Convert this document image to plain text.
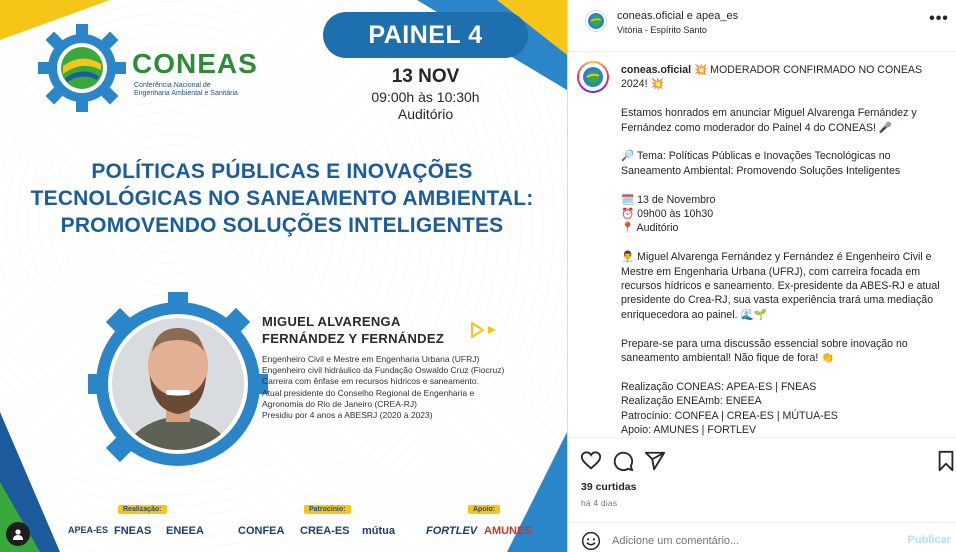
CONEAS
Conferência Nacional de Engenharia Ambiental e Sanitária
PAINEL 4
13 NOV
09:00h às 10:30h
Auditório
POLÍTICAS PÚBLICAS E INOVAÇÕES
TECNOLÓGICAS NO SANEAMENTO AMBIENTAL:
PROMOVENDO SOLUÇÕES INTELIGENTES
MIGUEL ALVARENGA
FERNÁNDEZ Y FERNÁNDEZ
Engenheiro Civil e Mestre em Engenharia Urbana (UFRJ)
Engenheiro civil hidráulico da Fundação Oswaldo Cruz (Fiocruz)
Carreira com ênfase em recursos hídricos e saneamento.
Atual presidente do Conselho Regional de Engenharia e
Agronomia do Rio de Janeiro (CREA-RJ)
Presidiu por 4 anos a ABESRJ (2020 à 2023)
Realização:	Patrocínio:	Apoio:
APEA-ES FNEAS ENEEA	CONFEA CREA-ES mútua	FORTLEV AMUNES
coneas.oficial e apea_es
Vitória - Espírito Santo
•••

coneas.oficial 💥 MODERADOR CONFIRMADO NO CONEAS 2024! 💥

Estamos honrados em anunciar Miguel Alvarenga Fernández y Fernández como moderador do Painel 4 do CONEAS! 🎤

🔎 Tema: Políticas Públicas e Inovações Tecnológicas no Saneamento Ambiental: Promovendo Soluções Inteligentes

🗓️ 13 de Novembro

⏰ 09h00 às 10h30

📍 Auditório

👨‍💼 Miguel Alvarenga Fernández y Fernández é Engenheiro Civil e Mestre em Engenharia Urbana (UFRJ), com carreira focada em recursos hídricos e saneamento. Ex-presidente da ABES-RJ e atual presidente do Crea-RJ, sua vasta experiência trará uma mediação enriquecedora ao painel. 🌊🌱

Prepare-se para uma discussão essencial sobre inovação no saneamento ambiental! Não fique de fora! 👏

Realização CONEAS: APEA-ES | FNEAS

Realização ENEAmb: ENEEA

Patrocínio: CONFEA | CREA-ES | MÚTUA-ES

Apoio: AMUNES | FORTLEV

39 curtidas
há 4 dias
Adicione um comentário...
Publicar
